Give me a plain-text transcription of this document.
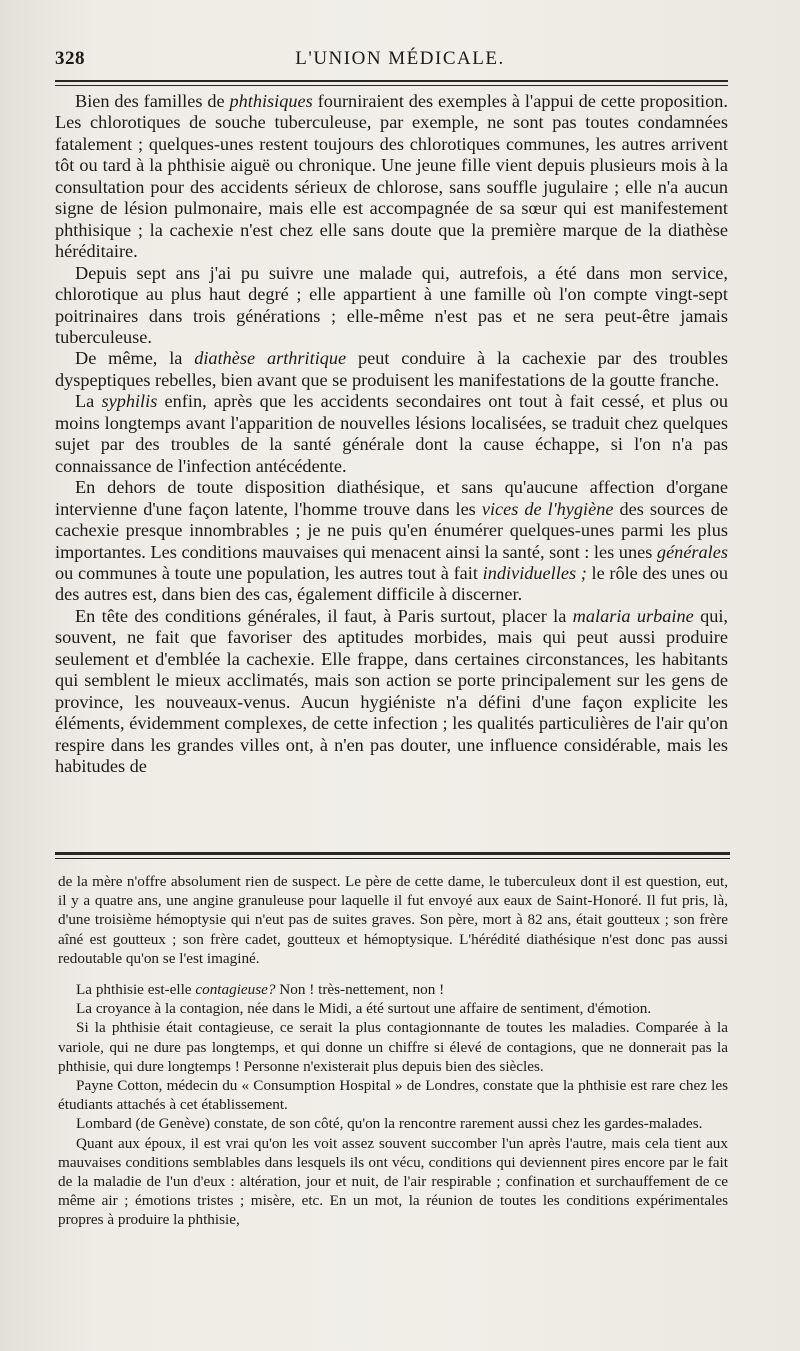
328	L'UNION MÉDICALE.

Bien des familles de phthisiques fourniraient des exemples à l'appui de cette proposition. Les chlorotiques de souche tuberculeuse, par exemple, ne sont pas toutes condamnées fatalement ; quelques-unes restent toujours des chlorotiques communes, les autres arrivent tôt ou tard à la phthisie aiguë ou chronique. Une jeune fille vient depuis plusieurs mois à la consultation pour des accidents sérieux de chlorose, sans souffle jugulaire ; elle n'a aucun signe de lésion pulmonaire, mais elle est accompagnée de sa sœur qui est manifestement phthisique ; la cachexie n'est chez elle sans doute que la première marque de la diathèse héréditaire.

Depuis sept ans j'ai pu suivre une malade qui, autrefois, a été dans mon service, chlorotique au plus haut degré ; elle appartient à une famille où l'on compte vingt-sept poitrinaires dans trois générations ; elle-même n'est pas et ne sera peut-être jamais tuberculeuse.

De même, la diathèse arthritique peut conduire à la cachexie par des troubles dyspeptiques rebelles, bien avant que se produisent les manifestations de la goutte franche.

La syphilis enfin, après que les accidents secondaires ont tout à fait cessé, et plus ou moins longtemps avant l'apparition de nouvelles lésions localisées, se traduit chez quelques sujet par des troubles de la santé générale dont la cause échappe, si l'on n'a pas connaissance de l'infection antécédente.

En dehors de toute disposition diathésique, et sans qu'aucune affection d'organe intervienne d'une façon latente, l'homme trouve dans les vices de l'hygiène des sources de cachexie presque innombrables ; je ne puis qu'en énumérer quelques-unes parmi les plus importantes. Les conditions mauvaises qui menacent ainsi la santé, sont : les unes générales ou communes à toute une population, les autres tout à fait individuelles ; le rôle des unes ou des autres est, dans bien des cas, également difficile à discerner.

En tête des conditions générales, il faut, à Paris surtout, placer la malaria urbaine qui, souvent, ne fait que favoriser des aptitudes morbides, mais qui peut aussi produire seulement et d'emblée la cachexie. Elle frappe, dans certaines circonstances, les habitants qui semblent le mieux acclimatés, mais son action se porte principalement sur les gens de province, les nouveaux-venus. Aucun hygiéniste n'a défini d'une façon explicite les éléments, évidemment complexes, de cette infection ; les qualités particulières de l'air qu'on respire dans les grandes villes ont, à n'en pas douter, une influence considérable, mais les habitudes de

de la mère n'offre absolument rien de suspect. Le père de cette dame, le tuberculeux dont il est question, eut, il y a quatre ans, une angine granuleuse pour laquelle il fut envoyé aux eaux de Saint-Honoré. Il fut pris, là, d'une troisième hémoptysie qui n'eut pas de suites graves. Son père, mort à 82 ans, était goutteux ; son frère aîné est goutteux ; son frère cadet, goutteux et hémoptysique. L'hérédité diathésique n'est donc pas aussi redoutable qu'on se l'est imaginé.

La phthisie est-elle contagieuse? Non ! très-nettement, non !

La croyance à la contagion, née dans le Midi, a été surtout une affaire de sentiment, d'émotion.

Si la phthisie était contagieuse, ce serait la plus contagionnante de toutes les maladies. Comparée à la variole, qui ne dure pas longtemps, et qui donne un chiffre si élevé de contagions, que ne donnerait pas la phthisie, qui dure longtemps ! Personne n'existerait plus depuis bien des siècles.

Payne Cotton, médecin du « Consumption Hospital » de Londres, constate que la phthisie est rare chez les étudiants attachés à cet établissement.

Lombard (de Genève) constate, de son côté, qu'on la rencontre rarement aussi chez les gardes-malades.

Quant aux époux, il est vrai qu'on les voit assez souvent succomber l'un après l'autre, mais cela tient aux mauvaises conditions semblables dans lesquels ils ont vécu, conditions qui deviennent pires encore par le fait de la maladie de l'un d'eux : altération, jour et nuit, de l'air respirable ; confination et surchauffement de ce même air ; émotions tristes ; misère, etc. En un mot, la réunion de toutes les conditions expérimentales propres à produire la phthisie,
